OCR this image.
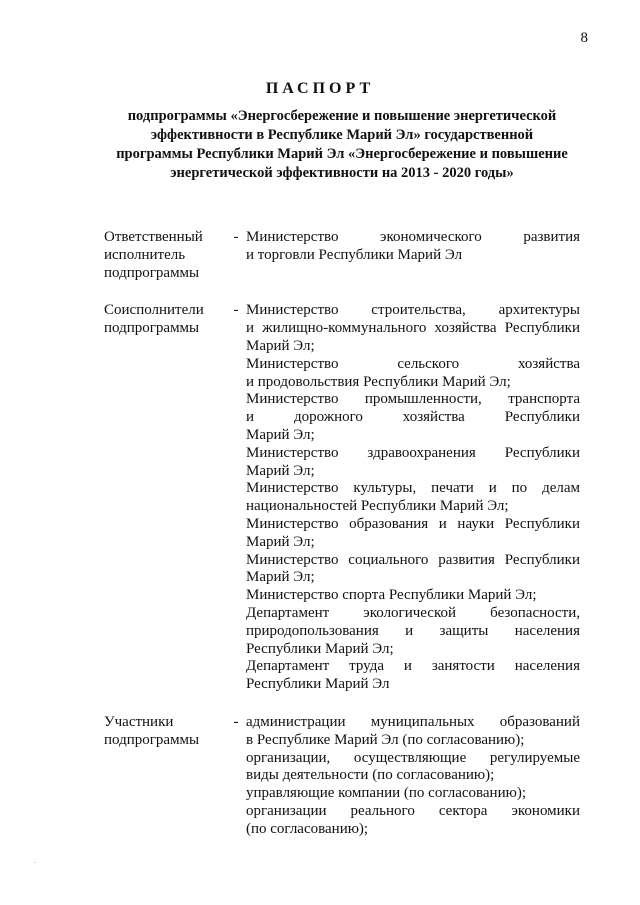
8
ПАСПОРТ
подпрограммы «Энергосбережение и повышение энергетической
эффективности в Республике Марий Эл» государственной
программы Республики Марий Эл «Энергосбережение и повышение
энергетической эффективности на 2013 - 2020 годы»
Ответственный
исполнитель
подпрограммы
- Министерство экономического развития
и торговли Республики Марий Эл
Соисполнители
подпрограммы
- Министерство строительства, архитектуры
и жилищно-коммунального хозяйства Республики
Марий Эл;
Министерство сельского хозяйства
и продовольствия Республики Марий Эл;
Министерство промышленности, транспорта
и дорожного хозяйства Республики
Марий Эл;
Министерство здравоохранения Республики
Марий Эл;
Министерство культуры, печати и по делам
национальностей Республики Марий Эл;
Министерство образования и науки Республики
Марий Эл;
Министерство социального развития Республики
Марий Эл;
Министерство спорта Республики Марий Эл;
Департамент экологической безопасности,
природопользования и защиты населения
Республики Марий Эл;
Департамент труда и занятости населения
Республики Марий Эл
Участники
подпрограммы
- администрации муниципальных образований
в Республике Марий Эл (по согласованию);
организации, осуществляющие регулируемые
виды деятельности (по согласованию);
управляющие компании (по согласованию);
организации реального сектора экономики
(по согласованию);
.
